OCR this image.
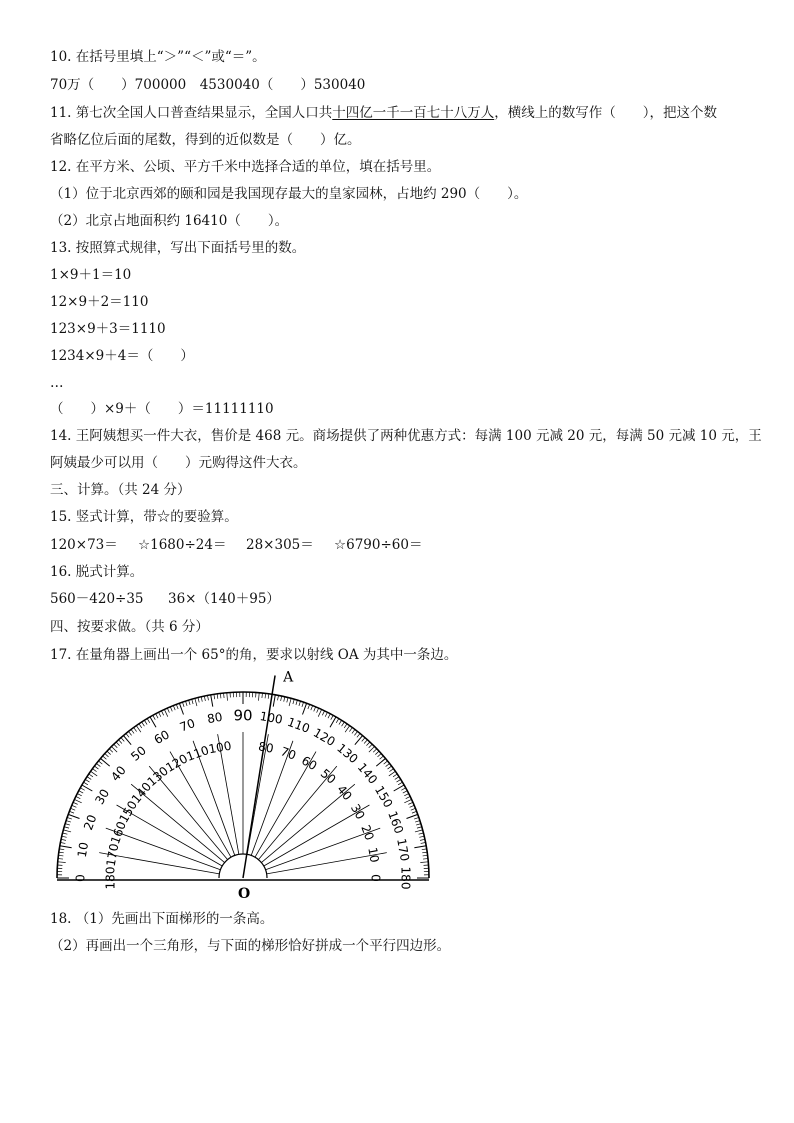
10. 在括号里填上“＞”“＜”或“＝”。
70万（　　）700000　4530040（　　）530040
11. 第七次全国人口普查结果显示，全国人口共十四亿一千一百七十八万人，横线上的数写作（　　），把这个数
省略亿位后面的尾数，得到的近似数是（　　）亿。
12. 在平方米、公顷、平方千米中选择合适的单位，填在括号里。
（1）位于北京西郊的颐和园是我国现存最大的皇家园林，占地约 290（　　）。
（2）北京占地面积约 16410（　　）。
13. 按照算式规律，写出下面括号里的数。
1×9＋1＝10
12×9＋2＝110
123×9＋3＝1110
1234×9＋4＝（　　）
…
（　　）×9＋（　　）＝11111110
14. 王阿姨想买一件大衣，售价是 468 元。商场提供了两种优惠方式：每满 100 元减 20 元，每满 50 元减 10 元，王
阿姨最少可以用（　　）元购得这件大衣。
三、计算。（共 24 分）
15. 竖式计算，带☆的要验算。
120×73＝ ☆1680÷24＝ 28×305＝ ☆6790÷60＝
16. 脱式计算。
560－420÷35 36×（140＋95）
四、按要求做。（共 6 分）
17. 在量角器上画出一个 65°的角，要求以射线 OA 为其中一条边。
0
10
20
30
40
50
60
70 80 90 100 110
120
130
140
150
160
170
180
180
170
160
150
140
130
120
110
100 80 70 60
50
40
30
20
10
0
A
O
18. （1）先画出下面梯形的一条高。
（2）再画出一个三角形，与下面的梯形恰好拼成一个平行四边形。
